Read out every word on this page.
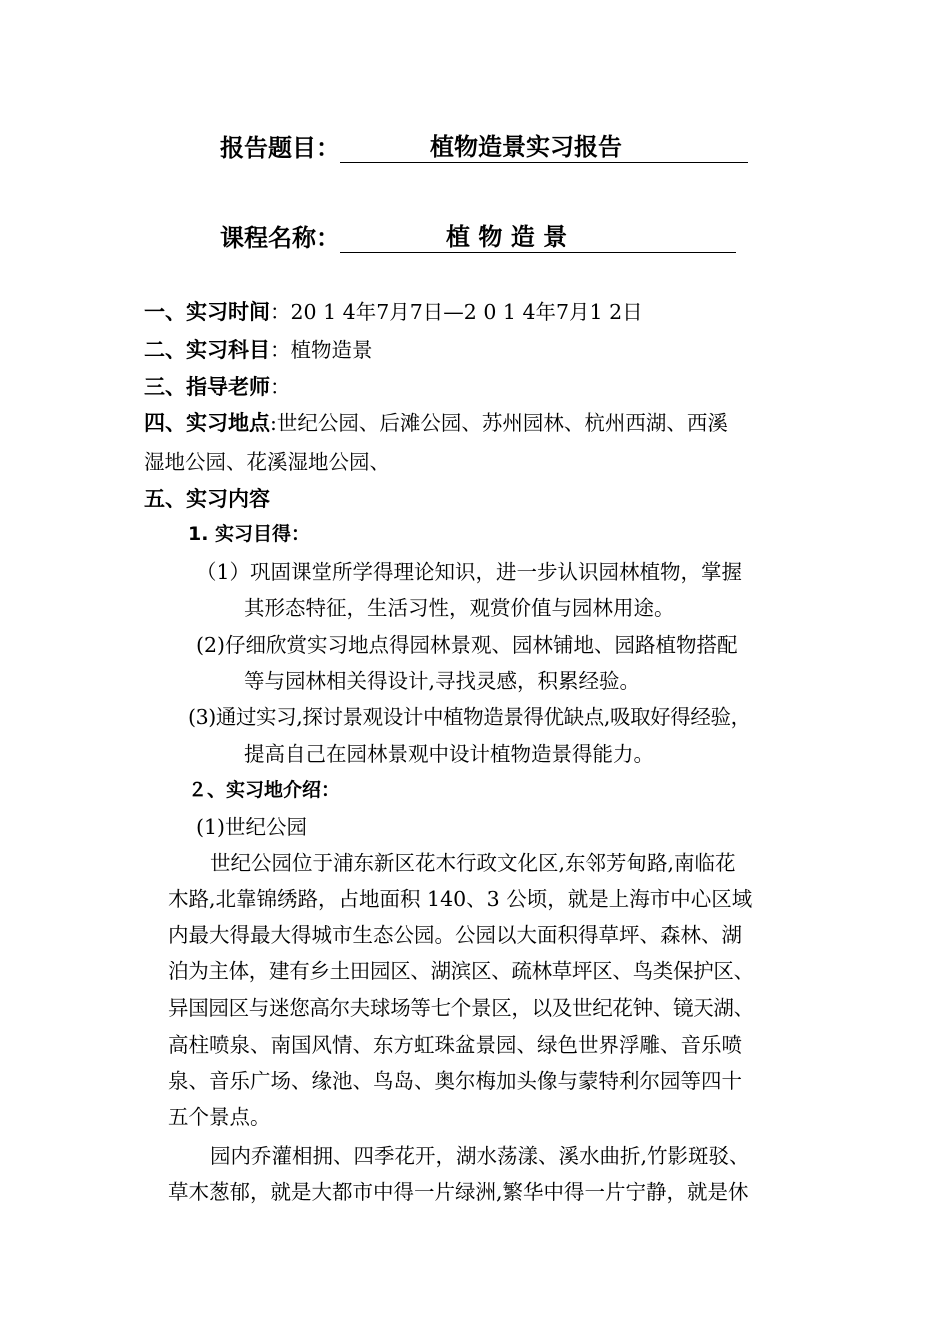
报告题目：	植物造景实习报告
课程名称：	植 物 造 景
一、实习时间：20 1 4年7月7日—2 0 1 4年7月1 2日
二、实习科目：植物造景
三、指导老师：
四、实习地点:世纪公园、后滩公园、苏州园林、杭州西湖、西溪
湿地公园、花溪湿地公园、
五、实习内容
1. 实习目得：
（1）巩固课堂所学得理论知识，进一步认识园林植物，掌握
其形态特征，生活习性，观赏价值与园林用途。
(2)仔细欣赏实习地点得园林景观、园林铺地、园路植物搭配
等与园林相关得设计,寻找灵感，积累经验。
(3)通过实习,探讨景观设计中植物造景得优缺点,吸取好得经验，
提高自己在园林景观中设计植物造景得能力。
２、实习地介绍：
(1)世纪公园
世纪公园位于浦东新区花木行政文化区,东邻芳甸路,南临花
木路,北靠锦绣路，占地面积 140、3 公顷，就是上海市中心区域
内最大得最大得城市生态公园。公园以大面积得草坪、森林、湖
泊为主体，建有乡土田园区、湖滨区、疏林草坪区、鸟类保护区、
异国园区与迷您高尔夫球场等七个景区，以及世纪花钟、镜天湖、
高柱喷泉、南国风情、东方虹珠盆景园、绿色世界浮雕、音乐喷
泉、音乐广场、缘池、鸟岛、奥尔梅加头像与蒙特利尔园等四十
五个景点。
园内乔灌相拥、四季花开，湖水荡漾、溪水曲折,竹影斑驳、
草木葱郁，就是大都市中得一片绿洲,繁华中得一片宁静，就是休
